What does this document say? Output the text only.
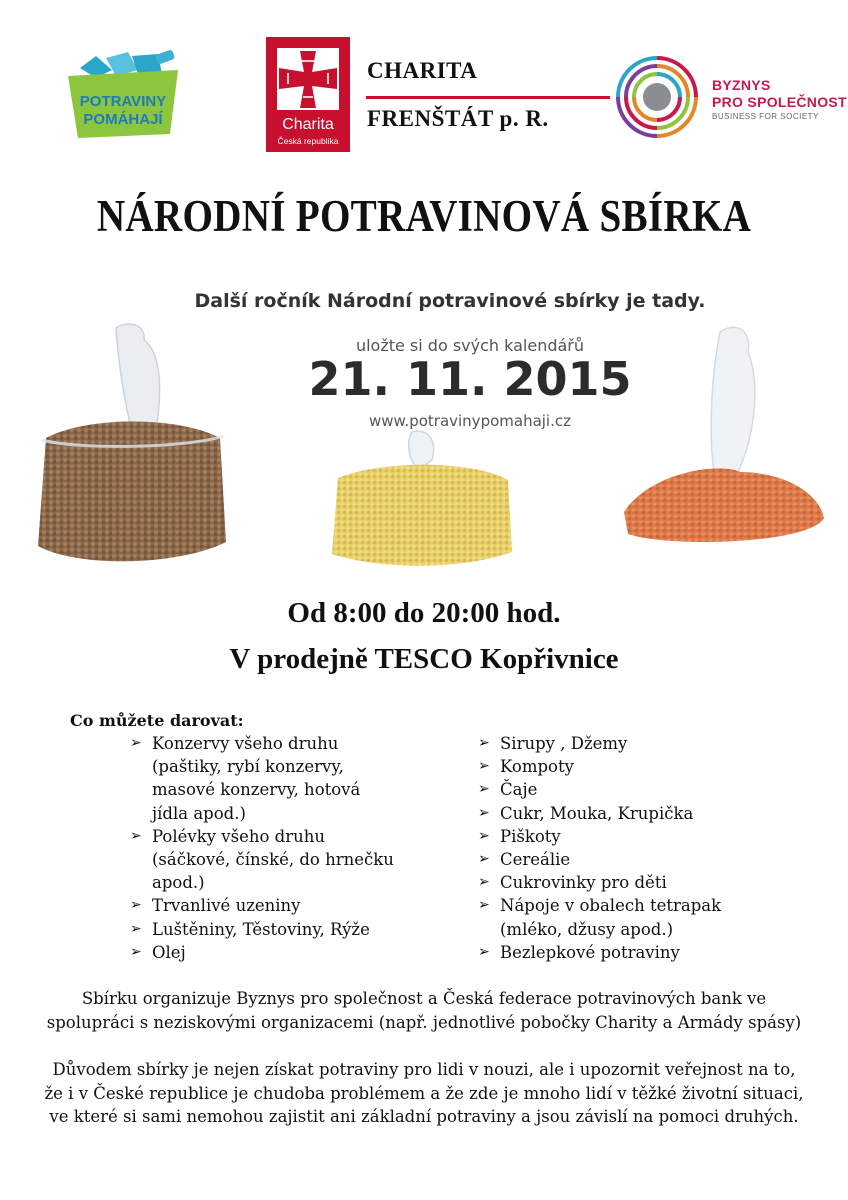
POTRAVINY
POMÁHAJÍ	Charita
Česká republika
CHARITA
FRENŠTÁT p. R.
BYZNYS
PRO SPOLEČNOST
BUSINESS FOR SOCIETY
NÁRODNÍ POTRAVINOVÁ SBÍRKA
Další ročník Národní potravinové sbírky je tady.
uložte si do svých kalendářů
21. 11. 2015
www.potravinypomahaji.cz
Od 8:00 do 20:00 hod.
V prodejně TESCO Kopřivnice
Co můžete darovat:
➢ Konzervy všeho druhu
(paštiky, rybí konzervy,
masové konzervy, hotová
jídla apod.)
➢ Polévky všeho druhu
(sáčkové, čínské, do hrnečku
apod.)
➢ Trvanlivé uzeniny
➢ Luštěniny, Těstoviny, Rýže
➢ Olej
➢ Sirupy , Džemy
➢ Kompoty
➢ Čaje
➢ Cukr, Mouka, Krupička
➢ Piškoty
➢ Cereálie
➢ Cukrovinky pro děti
➢ Nápoje v obalech tetrapak
(mléko, džusy apod.)
➢ Bezlepkové potraviny
Sbírku organizuje Byznys pro společnost a Česká federace potravinových bank ve
spolupráci s neziskovými organizacemi (např. jednotlivé pobočky Charity a Armády spásy)
Důvodem sbírky je nejen získat potraviny pro lidi v nouzi, ale i upozornit veřejnost na to,
že i v České republice je chudoba problémem a že zde je mnoho lidí v těžké životní situaci,
ve které si sami nemohou zajistit ani základní potraviny a jsou závislí na pomoci druhých.
